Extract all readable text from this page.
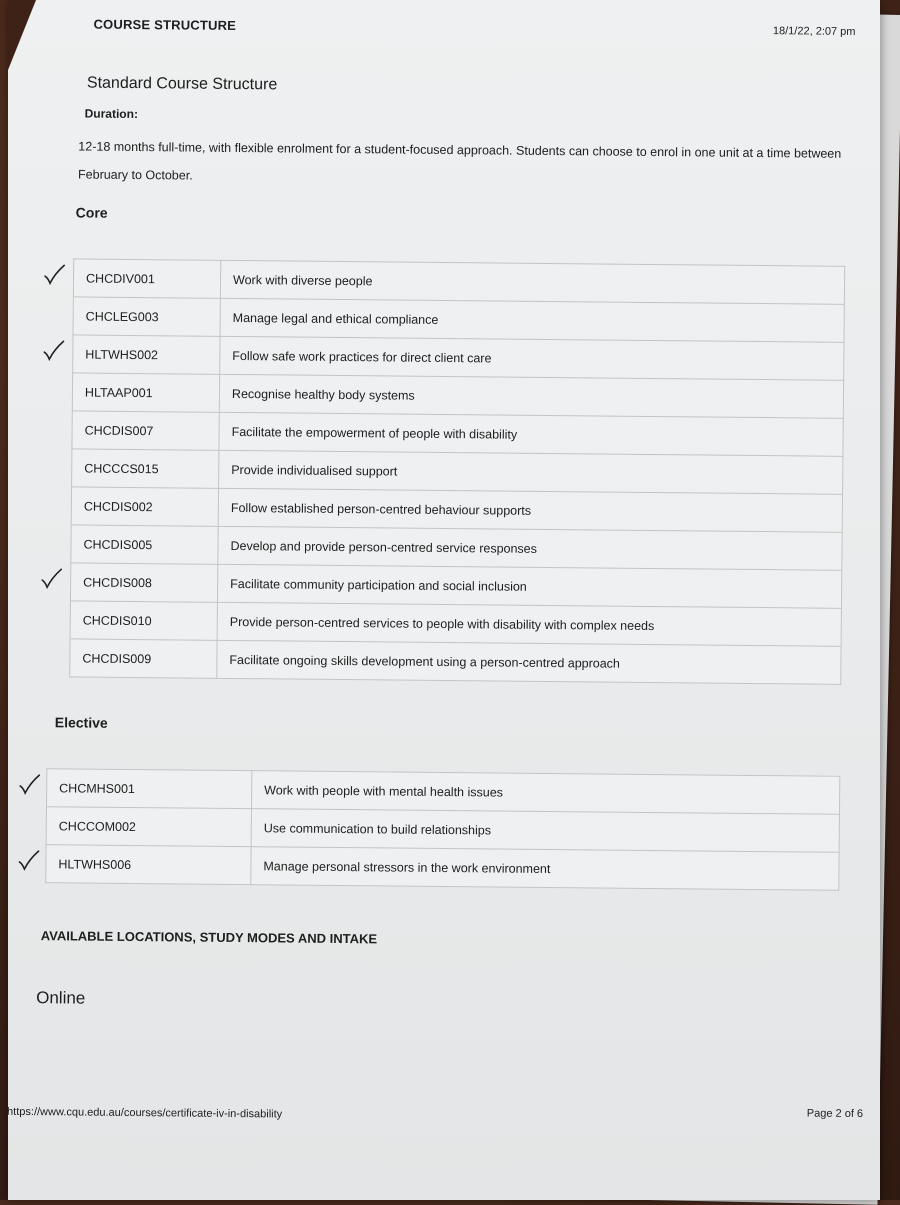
COURSE STRUCTURE	18/1/22, 2:07 pm
Standard Course Structure
Duration:
12-18 months full-time, with flexible enrolment for a student-focused approach. Students can choose to enrol in one unit at a time between February to October.
Core
CHCDIV001	Work with diverse people
CHCLEG003	Manage legal and ethical compliance
HLTWHS002	Follow safe work practices for direct client care
HLTAAP001	Recognise healthy body systems
CHCDIS007	Facilitate the empowerment of people with disability
CHCCCS015	Provide individualised support
CHCDIS002	Follow established person-centred behaviour supports
CHCDIS005	Develop and provide person-centred service responses
CHCDIS008	Facilitate community participation and social inclusion
CHCDIS010	Provide person-centred services to people with disability with complex needs
CHCDIS009	Facilitate ongoing skills development using a person-centred approach
Elective
CHCMHS001	Work with people with mental health issues
CHCCOM002	Use communication to build relationships
HLTWHS006	Manage personal stressors in the work environment
AVAILABLE LOCATIONS, STUDY MODES AND INTAKE
Online
https://www.cqu.edu.au/courses/certificate-iv-in-disability	Page 2 of 6
